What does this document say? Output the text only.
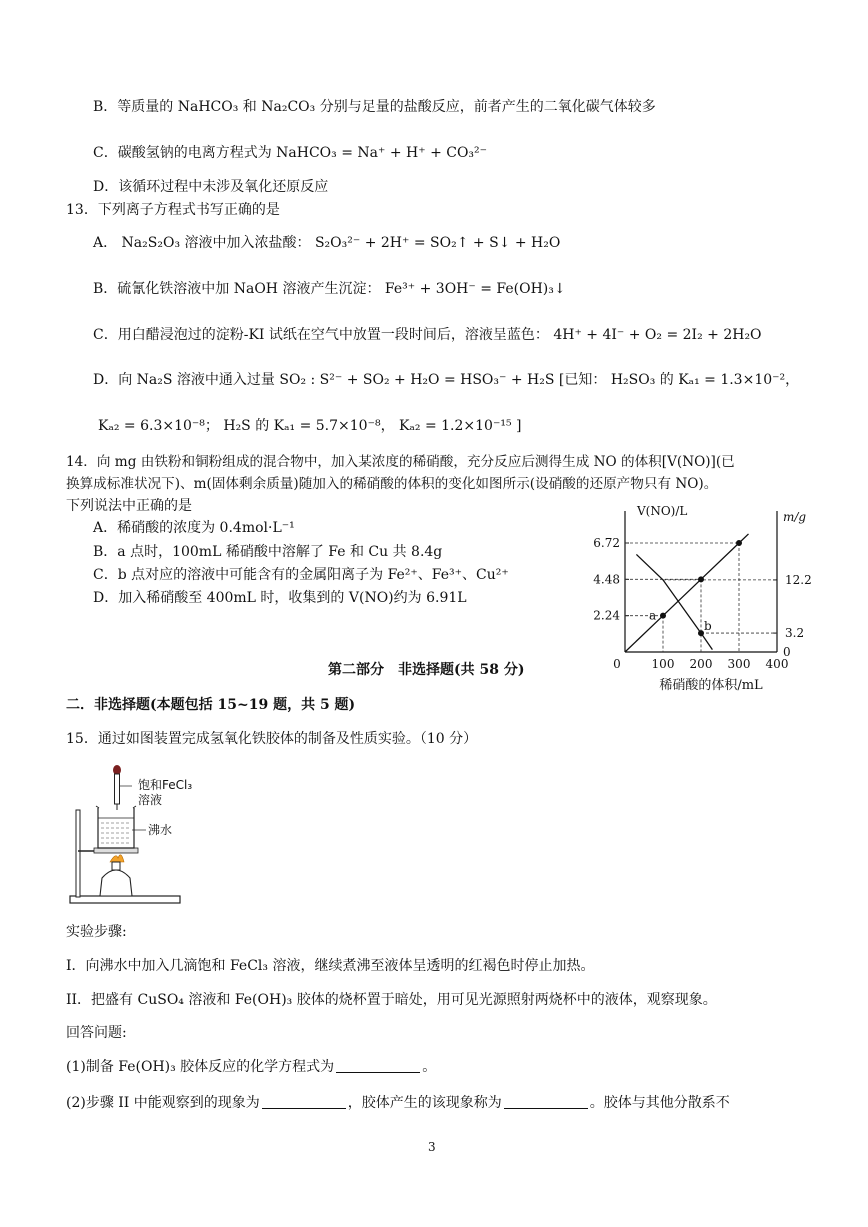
B．等质量的 NaHCO₃ 和 Na₂CO₃ 分别与足量的盐酸反应，前者产生的二氧化碳气体较多
C．碳酸氢钠的电离方程式为 NaHCO₃ = Na⁺ + H⁺ + CO₃²⁻
D．该循环过程中未涉及氧化还原反应
13．下列离子方程式书写正确的是
A． Na₂S₂O₃ 溶液中加入浓盐酸： S₂O₃²⁻ + 2H⁺ = SO₂↑ + S↓ + H₂O
B．硫氰化铁溶液中加 NaOH 溶液产生沉淀： Fe³⁺ + 3OH⁻ = Fe(OH)₃↓
C．用白醋浸泡过的淀粉-KI 试纸在空气中放置一段时间后，溶液呈蓝色： 4H⁺ + 4I⁻ + O₂ = 2I₂ + 2H₂O
D．向 Na₂S 溶液中通入过量 SO₂ : S²⁻ + SO₂ + H₂O = HSO₃⁻ + H₂S [已知： H₂SO₃ 的 Kₐ₁ = 1.3×10⁻²，
Kₐ₂ = 6.3×10⁻⁸； H₂S 的 Kₐ₁ = 5.7×10⁻⁸， Kₐ₂ = 1.2×10⁻¹⁵ ]
14．向 mg 由铁粉和铜粉组成的混合物中，加入某浓度的稀硝酸，充分反应后测得生成 NO 的体积[V(NO)](已
换算成标准状况下)、m(固体剩余质量)随加入的稀硝酸的体积的变化如图所示(设硝酸的还原产物只有 NO)。
下列说法中正确的是
A．稀硝酸的浓度为 0.4mol·L⁻¹
B．a 点时，100mL 稀硝酸中溶解了 Fe 和 Cu 共 8.4g
C．b 点对应的溶液中可能含有的金属阳离子为 Fe²⁺、Fe³⁺、Cu²⁺
D．加入稀硝酸至 400mL 时，收集到的 V(NO)约为 6.91L
V(NO)/L	m/g
稀硝酸的体积/mL
0	100 200 300 400
2.24
4.48
6.72
0
3.2
12.2
a
b
第二部分　非选择题(共 58 分)
二．非选择题(本题包括 15~19 题，共 5 题)
15．通过如图装置完成氢氧化铁胶体的制备及性质实验。（10 分）
饱和FeCl₃
溶液
沸水
实验步骤:
I．向沸水中加入几滴饱和 FeCl₃ 溶液，继续煮沸至液体呈透明的红褐色时停止加热。
II．把盛有 CuSO₄ 溶液和 Fe(OH)₃ 胶体的烧杯置于暗处，用可见光源照射两烧杯中的液体，观察现象。
回答问题:
(1)制备 Fe(OH)₃ 胶体反应的化学方程式为	。
(2)步骤 II 中能观察到的现象为	，胶体产生的该现象称为	。胶体与其他分散系不
3
